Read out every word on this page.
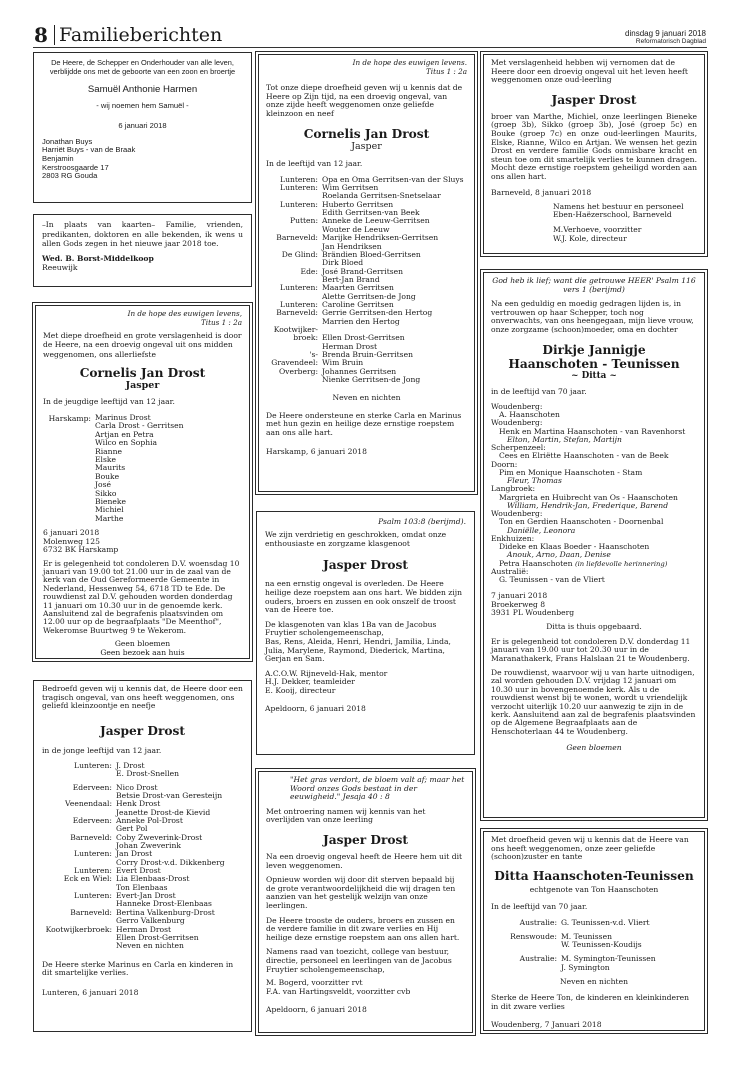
8 Familieberichten	dinsdag 9 januari 2018
Reformatorisch Dagblad
De Heere, de Schepper en Onderhouder van alle leven, verblijdde ons met de geboorte van een zoon en broertje
Samuël Anthonie Harmen
- wij noemen hem Samuël -
6 januari 2018
Jonathan Buys
Harriët Buys - van de Braak
Benjamin
Kerstroosgaarde 17
2803 RG Gouda
–In plaats van kaarten– Familie, vrienden, predikanten, doktoren en alle bekenden, ik wens u allen Gods zegen in het nieuwe jaar 2018 toe.
Wed. B. Borst-Middelkoop
Reeuwijk
In de hope des euwigen levens, Titus 1 : 2a
Met diepe droefheid en grote verslagenheid is door de Heere, na een droevig ongeval uit ons midden weggenomen, ons allerliefste
Cornelis Jan Drost
Jasper
In de jeugdige leeftijd van 12 jaar.
Harskamp: Marinus Drost
Carla Drost - Gerritsen
Artjan en Petra
Wilco en Sophia
Rianne
Elske
Maurits
Bouke
José
Sikko
Bieneke
Michiel
Marthe
6 januari 2018
Molenweg 125
6732 BK Harskamp
Er is gelegenheid tot condoleren D.V. woensdag 10 januari van 19.00 tot 21.00 uur in de zaal van de kerk van de Oud Gereformeerde Gemeente in Nederland, Hessenweg 54, 6718 TD te Ede. De rouwdienst zal D.V. gehouden worden donderdag 11 januari om 10.30 uur in de genoemde kerk. Aansluitend zal de begrafenis plaatsvinden om 12.00 uur op de begraafplaats "De Meenthof", Wekeromse Buurtweg 9 te Wekerom.
Geen bloemen
Geen bezoek aan huis
Bedroefd geven wij u kennis dat, de Heere door een tragisch ongeval, van ons heeft weggenomen, ons geliefd kleinzoontje en neefje
Jasper Drost
in de jonge leeftijd van 12 jaar.
Lunteren: J. Drost
E. Drost-Snellen
Ederveen: Nico Drost
Betsie Drost-van Geresteijn
Veenendaal: Henk Drost
Jeanette Drost-de Kievid
Ederveen: Anneke Pol-Drost
Gert Pol
Barneveld: Coby Zweverink-Drost
Johan Zweverink
Lunteren: Jan Drost
Corry Drost-v.d. Dikkenberg
Lunteren: Evert Drost
Eck en Wiel: Lia Elenbaas-Drost
Ton Elenbaas
Lunteren: Evert-Jan Drost
Hanneke Drost-Elenbaas
Barneveld: Bertina Valkenburg-Drost
Gerro Valkenburg
Kootwijkerbroek: Herman Drost
Ellen Drost-Gerritsen
Neven en nichten
De Heere sterke Marinus en Carla en kinderen in dit smartelijke verlies.
Lunteren, 6 januari 2018
In de hope des euwigen levens. Titus 1 : 2a
Tot onze diepe droefheid geven wij u kennis dat de Heere op Zijn tijd, na een droevig ongeval, van onze zijde heeft weggenomen onze geliefde kleinzoon en neef
Cornelis Jan Drost
Jasper
In de leeftijd van 12 jaar.
Lunteren: Opa en Oma Gerritsen-van der Sluys
Lunteren: Wim Gerritsen
Roelanda Gerritsen-Snetselaar
Lunteren: Huberto Gerritsen
Edith Gerritsen-van Beek
Putten: Anneke de Leeuw-Gerritsen
Wouter de Leeuw
Barneveld: Marijke Hendriksen-Gerritsen
Jan Hendriksen
De Glind: Brändien Bloed-Gerritsen
Dirk Bloed
Ede: José Brand-Gerritsen
Bert-Jan Brand
Lunteren: Maarten Gerritsen
Alette Gerritsen-de Jong
Lunteren: Caroline Gerritsen
Barneveld: Gerrie Gerritsen-den Hertog
Marrien den Hertog
Kootwijker-
broek: Ellen Drost-Gerritsen
Herman Drost
's-Gravendeel:
Brenda Bruin-Gerritsen
Wim Bruin
Overberg: Johannes Gerritsen
Nienke Gerritsen-de Jong
Neven en nichten
De Heere ondersteune en sterke Carla en Marinus met hun gezin en heilige deze ernstige roepstem aan ons alle hart.
Harskamp, 6 januari 2018
Psalm 103:8 (berijmd).
We zijn verdrietig en geschrokken, omdat onze enthousiaste en zorgzame klasgenoot
Jasper Drost
na een ernstig ongeval is overleden. De Heere heilige deze roepstem aan ons hart. We bidden zijn ouders, broers en zussen en ook onszelf de troost van de Heere toe.
De klasgenoten van klas 1Ba van de Jacobus Fruytier scholengemeenschap,
Bas, Rens, Aleida, Henri, Hendri, Jamilia, Linda, Julia, Marylene, Raymond, Diederick, Martina, Gerjan en Sam.
A.C.O.W. Rijneveld-Hak, mentor
H.J. Dekker, teamleider
E. Kooij, directeur
Apeldoorn, 6 januari 2018
"Het gras verdort, de bloem valt af; maar het Woord onzes Gods bestaat in der eeuwigheid." Jesaja 40 : 8
Met ontroering namen wij kennis van het overlijden van onze leerling
Jasper Drost
Na een droevig ongeval heeft de Heere hem uit dit leven weggenomen.
Opnieuw worden wij door dit sterven bepaald bij de grote verantwoordelijkheid die wij dragen ten aanzien van het gestelijk welzijn van onze leerlingen.
De Heere trooste de ouders, broers en zussen en de verdere familie in dit zware verlies en Hij heilige deze ernstige roepstem aan ons allen hart.
Namens raad van toezicht, college van bestuur, directie, personeel en leerlingen van de Jacobus Fruytier scholengemeenschap,
M. Bogerd, voorzitter rvt
F.A. van Hartingsveldt, voorzitter cvb
Apeldoorn, 6 januari 2018
Met verslagenheid hebben wij vernomen dat de Heere door een droevig ongeval uit het leven heeft weggenomen onze oud-leerling
Jasper Drost
broer van Marthe, Michiel, onze leerlingen Bieneke (groep 3b), Sikko (groep 3b), José (groep 5c) en Bouke (groep 7c) en onze oud-leerlingen Maurits, Elske, Rianne, Wilco en Artjan. We wensen het gezin Drost en verdere familie Gods onmisbare kracht en steun toe om dit smartelijk verlies te kunnen dragen. Mocht deze ernstige roepstem geheiligd worden aan ons allen hart.
Barneveld, 8 januari 2018
Namens het bestuur en personeel
Eben-Haëzerschool, Barneveld
M.Verhoeve, voorzitter
W.J. Kole, directeur
God heb ik lief; want die getrouwe HEER' Psalm 116 vers 1 (berijmd)
Na een geduldig en moedig gedragen lijden is, in vertrouwen op haar Schepper, toch nog onverwachts, van ons heengegaan, mijn lieve vrouw, onze zorgzame (schoon)moeder, oma en dochter
Dirkje Jannigje
Haanschoten - Teunissen
~ Ditta ~
in de leeftijd van 70 jaar.
Woudenberg:
A. Haanschoten
Woudenberg:
Henk en Martina Haanschoten - van Ravenhorst
Elton, Martin, Stefan, Martijn
Scherpenzeel:
Cees en Elriëtte Haanschoten - van de Beek
Doorn:
Pim en Monique Haanschoten - Stam
Fleur, Thomas
Langbroek:
Margrieta en Huibrecht van Os - Haanschoten
William, Hendrik-Jan, Frederique, Barend
Woudenberg:
Ton en Gerdien Haanschoten - Doornenbal
Daniëlle, Leonora
Enkhuizen:
Dideke en Klaas Boeder - Haanschoten
Anouk, Arno, Daan, Denise
Petra Haanschoten (in liefdevolle herinnering)
Australië:
G. Teunissen - van de Vliert
7 januari 2018
Broekerweg 8
3931 PL Woudenberg
Ditta is thuis opgebaard.
Er is gelegenheid tot condoleren D.V. donderdag 11 januari van 19.00 uur tot 20.30 uur in de Maranathakerk, Frans Halslaan 21 te Woudenberg.
De rouwdienst, waarvoor wij u van harte uitnodigen, zal worden gehouden D.V. vrijdag 12 januari om 10.30 uur in bovengenoemde kerk. Als u de rouwdienst wenst bij te wonen, wordt u vriendelijk verzocht uiterlijk 10.20 uur aanwezig te zijn in de kerk. Aansluitend aan zal de begrafenis plaatsvinden op de Algemene Begraafplaats aan de Henschoterlaan 44 te Woudenberg.
Geen bloemen
Met droefheid geven wij u kennis dat de Heere van ons heeft weggenomen, onze zeer geliefde (schoon)zuster en tante
Ditta Haanschoten-Teunissen
echtgenote van Ton Haanschoten
In de leeftijd van 70 jaar.
Australie: G. Teunissen-v.d. Vliert
Renswoude: M. Teunissen
W. Teunissen-Koudijs
Australie: M. Symington-Teunissen
J. Symington
Neven en nichten
Sterke de Heere Ton, de kinderen en kleinkinderen in dit zware verlies
Woudenberg, 7 Januari 2018
